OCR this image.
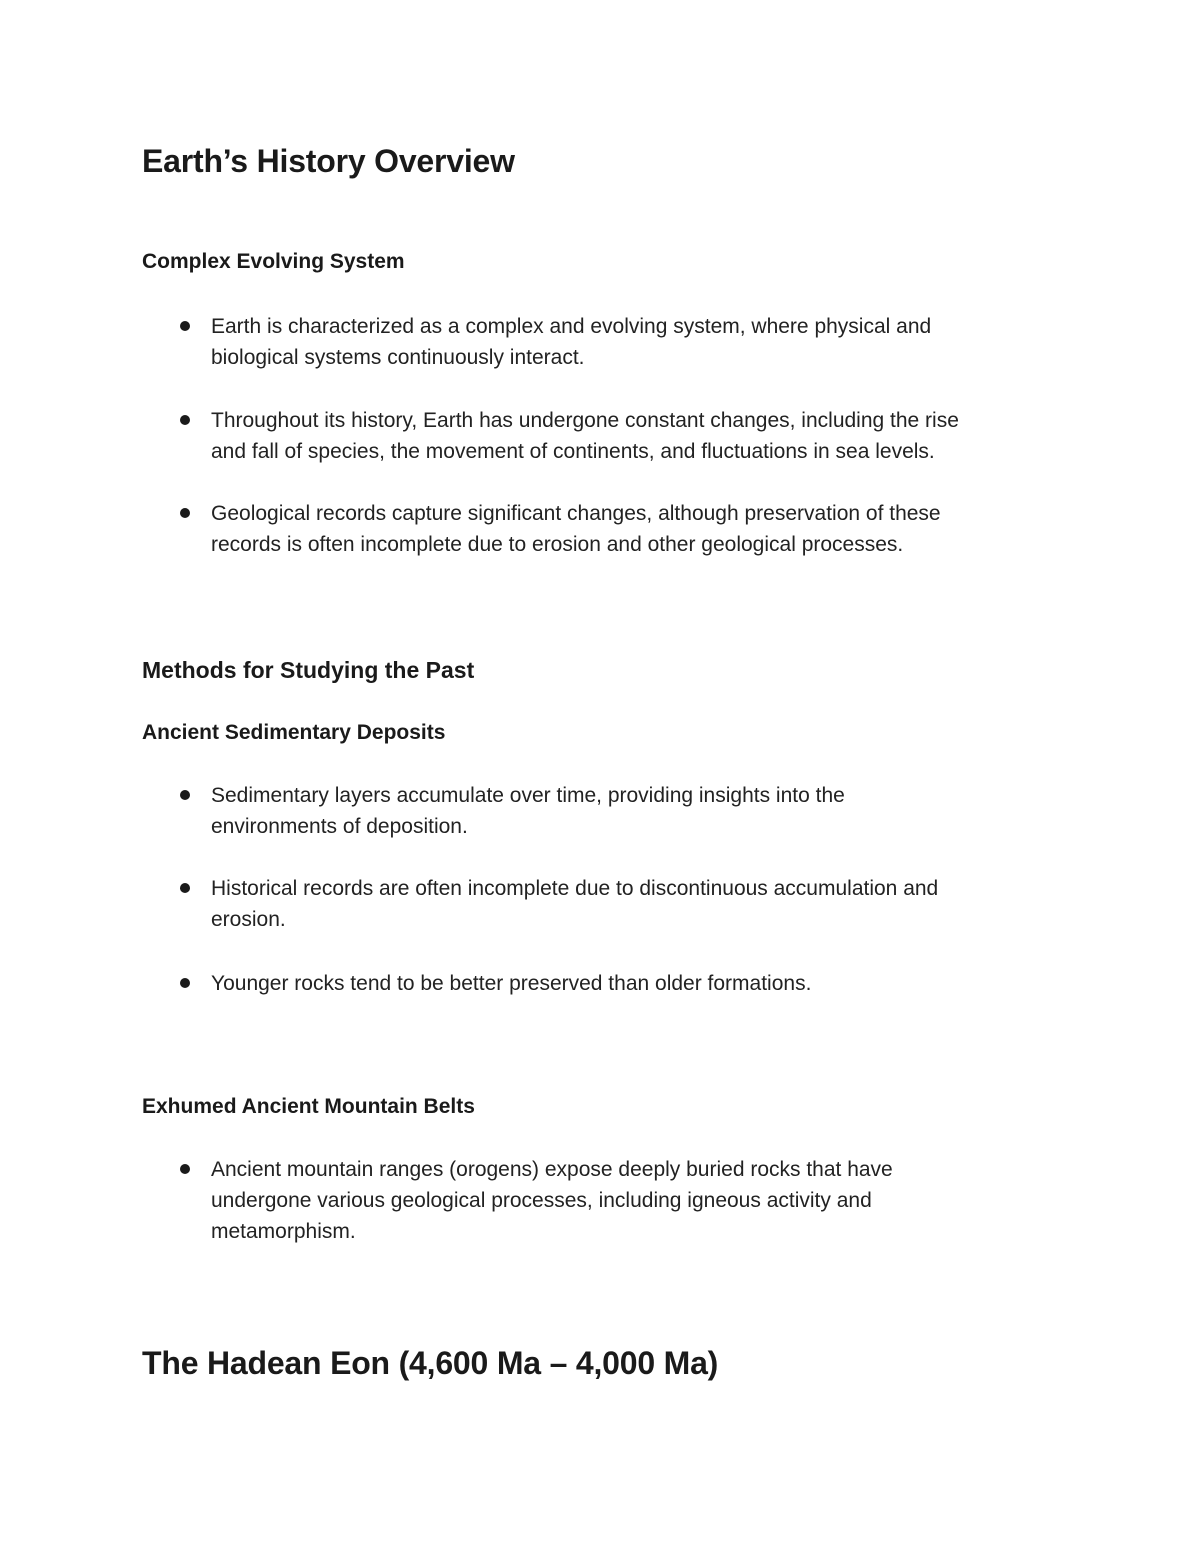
Earth’s History Overview
Complex Evolving System
Earth is characterized as a complex and evolving system, where physical and
biological systems continuously interact.
Throughout its history, Earth has undergone constant changes, including the rise
and fall of species, the movement of continents, and fluctuations in sea levels.
Geological records capture significant changes, although preservation of these
records is often incomplete due to erosion and other geological processes.
Methods for Studying the Past
Ancient Sedimentary Deposits
Sedimentary layers accumulate over time, providing insights into the
environments of deposition.
Historical records are often incomplete due to discontinuous accumulation and
erosion.
Younger rocks tend to be better preserved than older formations.
Exhumed Ancient Mountain Belts
Ancient mountain ranges (orogens) expose deeply buried rocks that have
undergone various geological processes, including igneous activity and
metamorphism.
The Hadean Eon (4,600 Ma – 4,000 Ma)
